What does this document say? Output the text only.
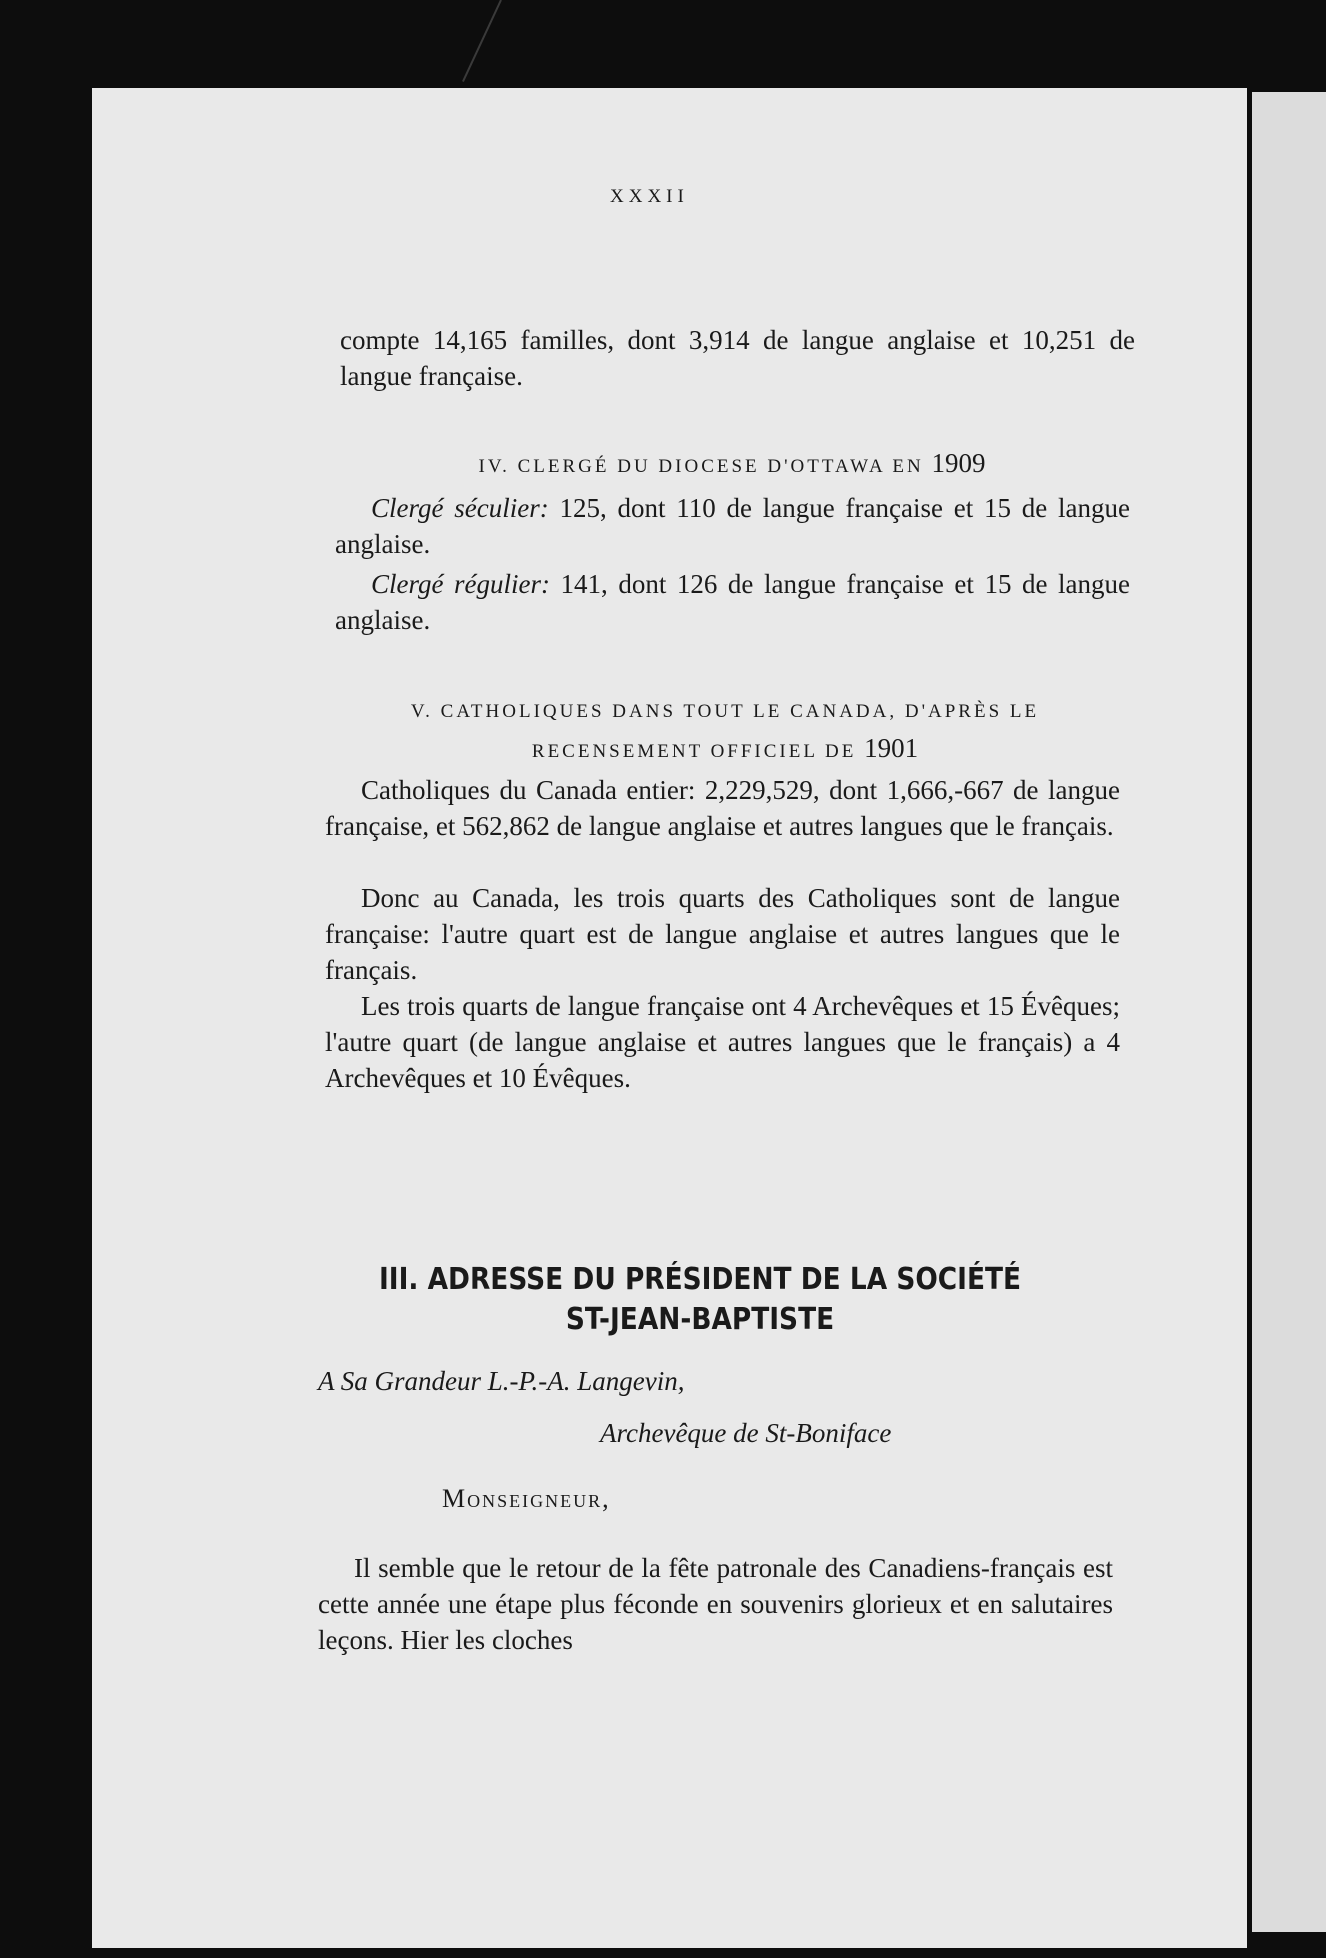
XXXII
compte 14,165 familles, dont 3,914 de langue anglaise et 10,251 de langue française.
IV. CLERGÉ DU DIOCESE D'OTTAWA EN 1909
Clergé séculier: 125, dont 110 de langue française et 15 de langue anglaise.
Clergé régulier: 141, dont 126 de langue française et 15 de langue anglaise.
V. CATHOLIQUES DANS TOUT LE CANADA, D'APRÈS LE
RECENSEMENT OFFICIEL DE 1901
Catholiques du Canada entier: 2,229,529, dont 1,666,-667 de langue française, et 562,862 de langue anglaise et autres langues que le français.
Donc au Canada, les trois quarts des Catholiques sont de langue française: l'autre quart est de langue anglaise et autres langues que le français.
Les trois quarts de langue française ont 4 Archevêques et 15 Évêques; l'autre quart (de langue anglaise et autres langues que le français) a 4 Archevêques et 10 Évêques.
III. ADRESSE DU PRÉSIDENT DE LA SOCIÉTÉ
ST-JEAN-BAPTISTE
A Sa Grandeur L.-P.-A. Langevin,
Archevêque de St-Boniface
Monseigneur,
Il semble que le retour de la fête patronale des Canadiens-français est cette année une étape plus féconde en souvenirs glorieux et en salutaires leçons. Hier les cloches
